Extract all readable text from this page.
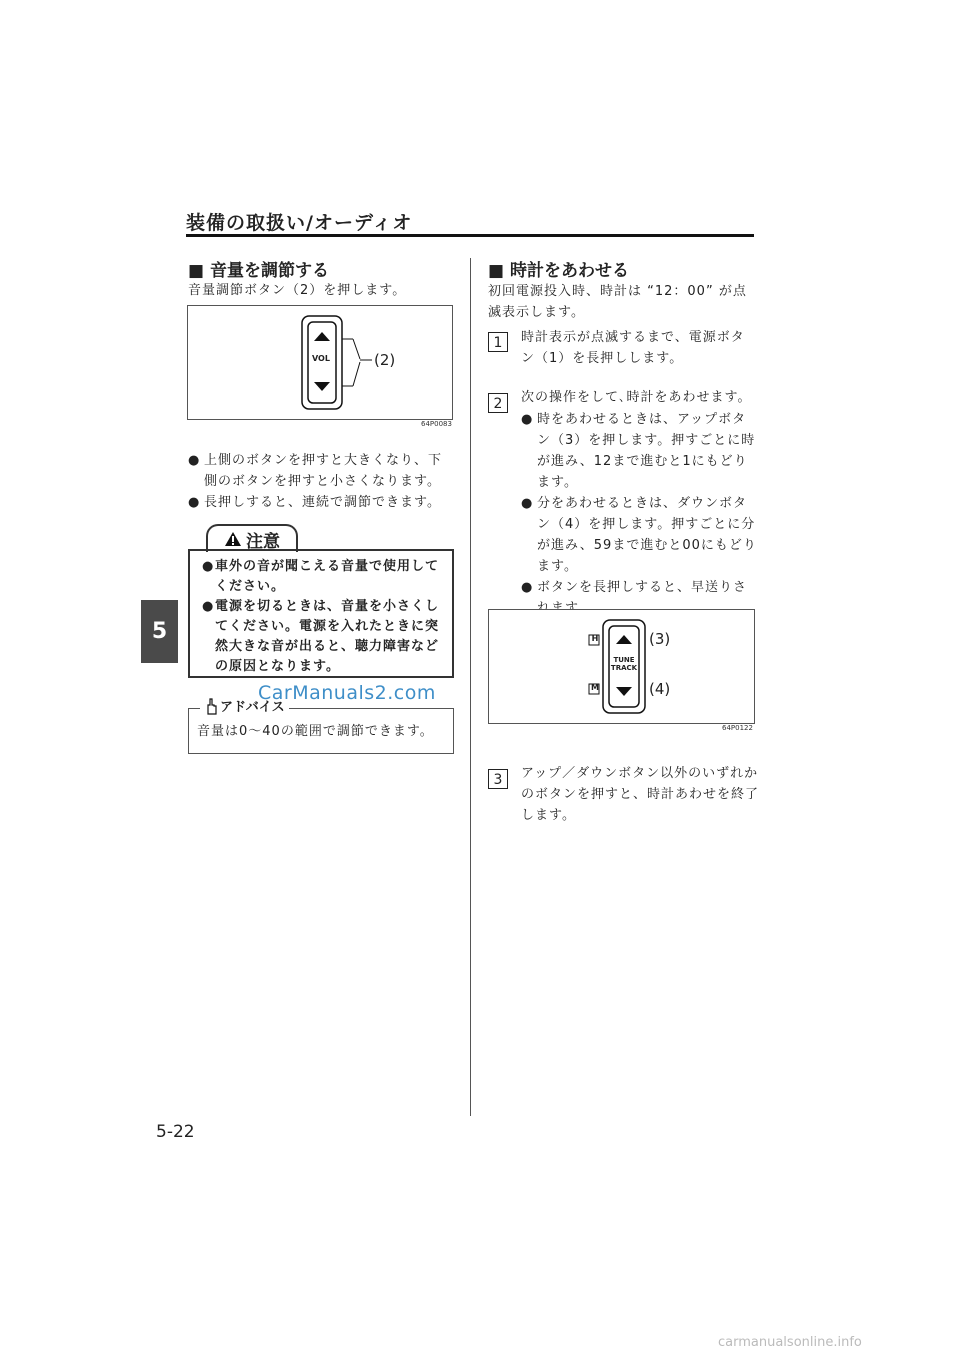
装備の取扱い/オーディオ
5
5-22
■ 音量を調節する
音量調節ボタン（2）を押します。
VOL	(2)
64P0083
● 上側のボタンを押すと大きくなり、下側のボタンを押すと小さくなります。
● 長押しすると、連続で調節できます。
注意
● 車外の音が聞こえる音量で使用してください。
● 電源を切るときは、音量を小さくしてください。電源を入れたときに突然大きな音が出ると、聴力障害などの原因となります。
音量は0〜40の範囲で調節できます。
アドバイス
CarManuals2.com
■ 時計をあわせる
初回電源投入時、時計は “12：00” が点滅表示します。
1	時計表示が点滅するまで、電源ボタン（1）を長押しします。
2	次の操作をして､時計をあわせます。
● 時をあわせるときは、アップボタン（3）を押します。押すごとに時が進み、12まで進むと1にもどります。
● 分をあわせるときは、ダウンボタン（4）を押します。押すごとに分が進み、59まで進むと00にもどります。
● ボタンを長押しすると、早送りさ
H
M
TUNE
TRACK
(3)
(4)
64P0122
3	アップ／ダウンボタン以外のいずれかのボタンを押すと、時計あわせを終了します。
carmanualsonline.info
